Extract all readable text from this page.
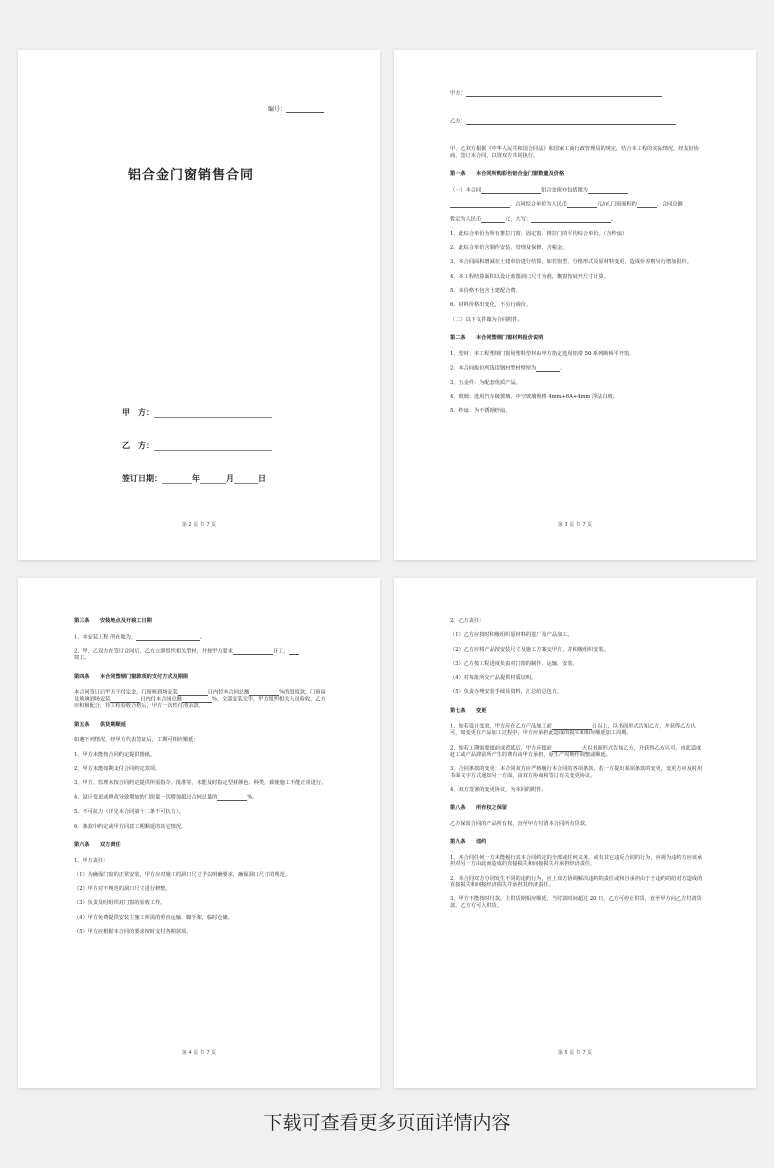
编号：
铝合金门窗销售合同
甲　方：
乙　方：
签订日期：	年	月	日
第 2 页 共 7 页

甲方：

乙方：

甲、乙双方根据《中华人民共和国合同法》和国家工商行政管理局的规定，结合本工程的实际情况，经友好协商，签订本合同，以资双方共同执行。

第一条　　本合同所购彩色铝合金门窗数量及价格

（一）本合同	铝合金窗亦包括图为

，合同综合单价为人民币	元/㎡,门窗面积约	，合同总额

暂定为人民币	元，大写：	。

1、此综合单价为所有推拉门窗、固定窗、推拉门的平均综合单价。（含纱扇）

2、此综合单价含制作安装、管理及保修、含税金。

3、本合同面积增减在土建单价进行结算，如若窗型、分格形式及原材料变更，造成价差则另行增加报价。

4、本工程结算面积以设计蓝图洞口尺寸为准，飘窗按展开尺寸计算。

5、本价格不包含土建配合费。

6、材料价格出变化，不另行调价。

（二）以下文件做为合同附件。

第二条　　本合同塑钢门窗材料报价说明

1、型材：本工程塑钢门窗用塑料型材由甲方指定选用铝带 50 系列断桥平开窗。

2、本合同报价所选用钢衬型材壁厚为	。

3、五金件：为配套优质产品。

4、玻璃：选用汽车级玻璃，中空玻璃规格 4mm+6A+4mm 浮法白玻。

5、纱扇：为不锈钢纱扇。

第 3 页 共 7 页

第三条　　安装地点及开竣工日期

1、本安装工程 所在地为：	。

2、甲、乙双方在签订合同后，乙方立即组织相关型材，并按甲方要求	开工，
竣工。

第四条　　本合同塑钢门窗款项的支付方式及期限

本合同签订后甲方不付定金，门窗框到场安装	日内付本合同总额	%的进度款，门窗扇及玻璃到场安装	日内付本合同总额	%，全部安装完毕，甲方组织相关人员验收，乙方应积极配合，待工程验收合格后，甲方一次性付清余款。

第五条　　供货期顺延

如遇下列情况，经甲方代表签证后，工期可相应顺延：

1、甲方未能按合同约定提供图纸。

2、甲方未能如期支付合同约定款项。

3、甲方、监理未按合同约定提供所需指令、批准等，未能及时指定型材颜色、种类，致使施工不能正常进行。

4、设计变更或修改导致增加的门窗量一次增加超过合同总量的	%。

5、不可抗力（详见本合同第十二条不可抗力）。

6、条款中约定或甲方同意工期顺延的其它情况。

第六条　　双方责任

1、甲方责任：

（1）为确保门窗的正常安装，甲方应对施工的洞口尺寸予以明确要求，确保洞口尺寸的规范。

（2）甲方对不规范的洞口尺寸进行修整。

（3）负责及时组织对门窗的验收工作。

（4）甲方免费提供安装主施工所需的垂直运输、脚手架，临时仓储。

（5）甲方应根据本合同的要求按时支付各期款项。

第 4 页 共 7 页

2、乙方责任：

（1）乙方应按时积极组织原材料的进厂及产品加工。

（2）乙方应将产品按安装尺寸及施工方案交甲方，并积极组织安装。

（3）乙方按工程进度负责对门窗的制作、运输、安装。

（4）对每批所交产品提供材质证明。

（5）负责办理安装手续及资料，汇总给总包方。

第七条　　变更

1、如若设计变更，甲方应在乙方产品加工前	日以上，以书面形式告知乙方，并获得乙方认可，如变更在产品加工过程中，甲方应承担此造成的损失和相应顺延加工周期。

2、如若工期需要提前或者延后，甲方应提前	天以书面形式告知乙方，并获得乙方认可，由此造成赶工或产品滞留所产生的费有由甲方承担，原生产周期作调整或顺延。

3、合同条款的变更：本合同双方应严格履行本合同的各项条款，若一方提出某项条款的变更，变更方应及时用书面文字方式通知另一方面，由双方协商和签订有关变更协议。

4、双方签署的变更协议，为本同的附件。

第八条　　所有权之保留

乙方保留合同的产品所有权，直至甲方付清本合同所有货款。

第九条　　违约

1、本合同任何一方未能履行其本合同约定的全部或任何义务，或有其它违反合同的行为，应视为违约方应该承担对另一方由此而造成的直接损失和间接损失并承担经济责任。

2、本合同双方分别发生不同的违约行为，应上双方协调解决违约的责任或和自承担由于于违约的给对方造成的直接损失和间接经济损失并承担其经济责任。

3、甲方不能按时付款，主供货期相应顺延，当付款时间超过 20 日，乙方可停止供货，直至甲方向乙方付清货款，乙方方可人供货。

第 5 页 共 7 页
下载可查看更多页面详情内容
